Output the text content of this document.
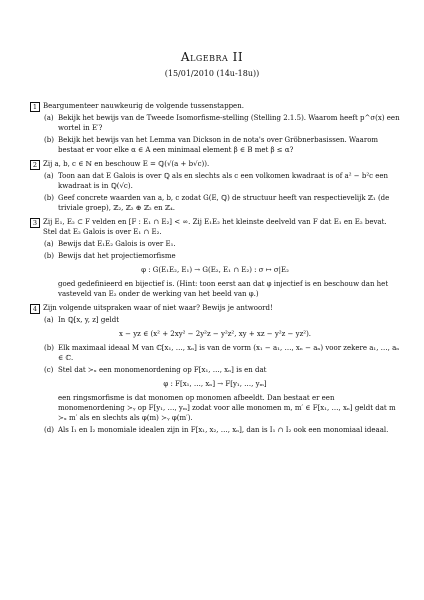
Algebra II
(15/01/2010 (14u-18u))
1 Beargumenteer nauwkeurig de volgende tussenstappen.
(a) Bekijk het bewijs van de Tweede Isomorfisme-stelling (Stelling 2.1.5). Waarom heeft p^σ(x) een wortel in E′?
(b) Bekijk het bewijs van het Lemma van Dickson in de nota's over Gröbnerbasissen. Waarom bestaat er voor elke α ∈ A een minimaal element β ∈ B met β ≤ α?
2 Zij a, b, c ∈ ℕ en beschouw E = ℚ(√(a + b√c)).
(a) Toon aan dat E Galois is over ℚ als en slechts als c een volkomen kwadraat is of a² − b²c een kwadraat is in ℚ(√c).
(b) Geef concrete waarden van a, b, c zodat G(E, ℚ) de structuur heeft van respectievelijk ℤ₁ (de triviale groep), ℤ₂, ℤ₂ ⊕ ℤ₂ en ℤ₄.
3 Zij E₁, E₂ ⊂ F velden en [F : E₁ ∩ E₂] < ∞. Zij E₁E₂ het kleinste deelveld van F dat E₁ en E₂ bevat. Stel dat E₂ Galois is over E₁ ∩ E₂.
(a) Bewijs dat E₁E₂ Galois is over E₁.
(b) Bewijs dat het projectiemorfisme
φ : G(E₁E₂, E₁) → G(E₂, E₁ ∩ E₂) : σ ↦ σ|E₂
goed gedefinieerd en bijectief is. (Hint: toon eerst aan dat φ injectief is en beschouw dan het vasteveld van E₂ onder de werking van het beeld van φ.)
4 Zijn volgende uitspraken waar of niet waar? Bewijs je antwoord!
(a) In ℚ[x, y, z] geldt
x − yz ∈ (x² + 2xy² − 2y²z − y²z², xy + xz − y²z − yz²).
(b) Elk maximaal ideaal M van ℂ[x₁, …, xₙ] is van de vorm (x₁ − a₁, …, xₙ − aₙ) voor zekere a₁, …, aₙ ∈ ℂ.
(c) Stel dat ≻ₓ een monomenordening op F[x₁, …, xₙ] is en dat
φ : F[x₁, …, xₙ] → F[y₁, …, yₘ]
een ringsmorfisme is dat monomen op monomen afbeeldt. Dan bestaat er een monomenordening ≻ᵧ op F[y₁, …, yₘ] zodat voor alle monomen m, m′ ∈ F[x₁, …, xₙ] geldt dat m ≻ₓ m′ als en slechts als φ(m) ≻ᵧ φ(m′).
(d) Als I₁ en I₂ monomiale idealen zijn in F[x₁, x₂, …, xₙ], dan is I₁ ∩ I₂ ook een monomiaal ideaal.
